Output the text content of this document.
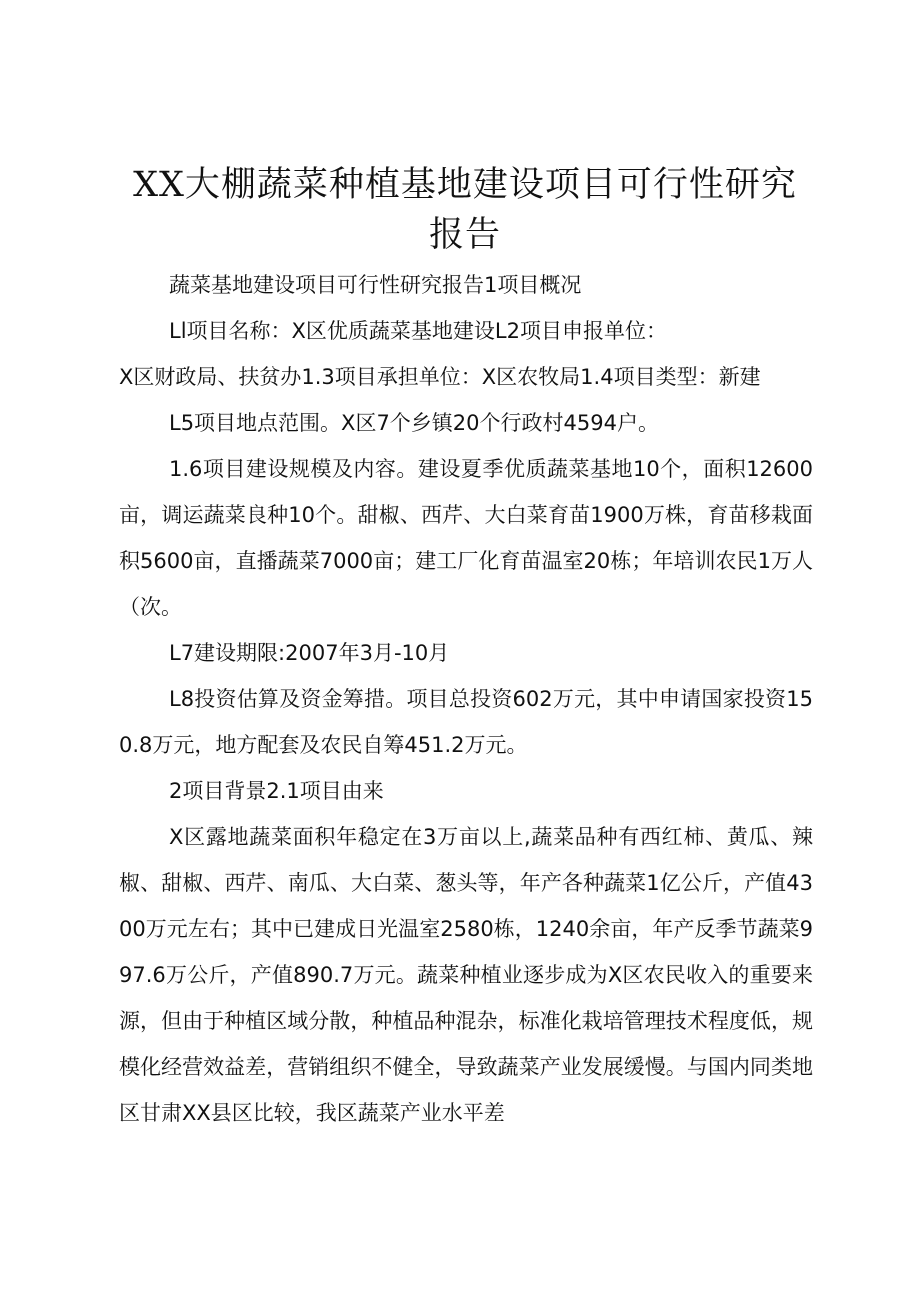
XX大棚蔬菜种植基地建设项目可行性研究报告

蔬菜基地建设项目可行性研究报告1项目概况

Ll项目名称：X区优质蔬菜基地建设L2项目申报单位：

X区财政局、扶贫办1.3项目承担单位：X区农牧局1.4项目类型：新建

L5项目地点范围。X区7个乡镇20个行政村4594户。

1.6项目建设规模及内容。建设夏季优质蔬菜基地10个，面积12600亩，调运蔬菜良种10个。甜椒、西芹、大白菜育苗1900万株，育苗移栽面积5600亩，直播蔬菜7000亩；建工厂化育苗温室20栋；年培训农民1万人（次。

L7建设期限:2007年3月-10月

L8投资估算及资金筹措。项目总投资602万元，其中申请国家投资150.8万元，地方配套及农民自筹451.2万元。

2项目背景2.1项目由来

X区露地蔬菜面积年稳定在3万亩以上,蔬菜品种有西红柿、黄瓜、辣椒、甜椒、西芹、南瓜、大白菜、葱头等，年产各种蔬菜1亿公斤，产值4300万元左右；其中已建成日光温室2580栋，1240余亩，年产反季节蔬菜997.6万公斤，产值890.7万元。蔬菜种植业逐步成为X区农民收入的重要来源，但由于种植区域分散，种植品种混杂，标准化栽培管理技术程度低，规模化经营效益差，营销组织不健全，导致蔬菜产业发展缓慢。与国内同类地区甘肃XX县区比较，我区蔬菜产业水平差
